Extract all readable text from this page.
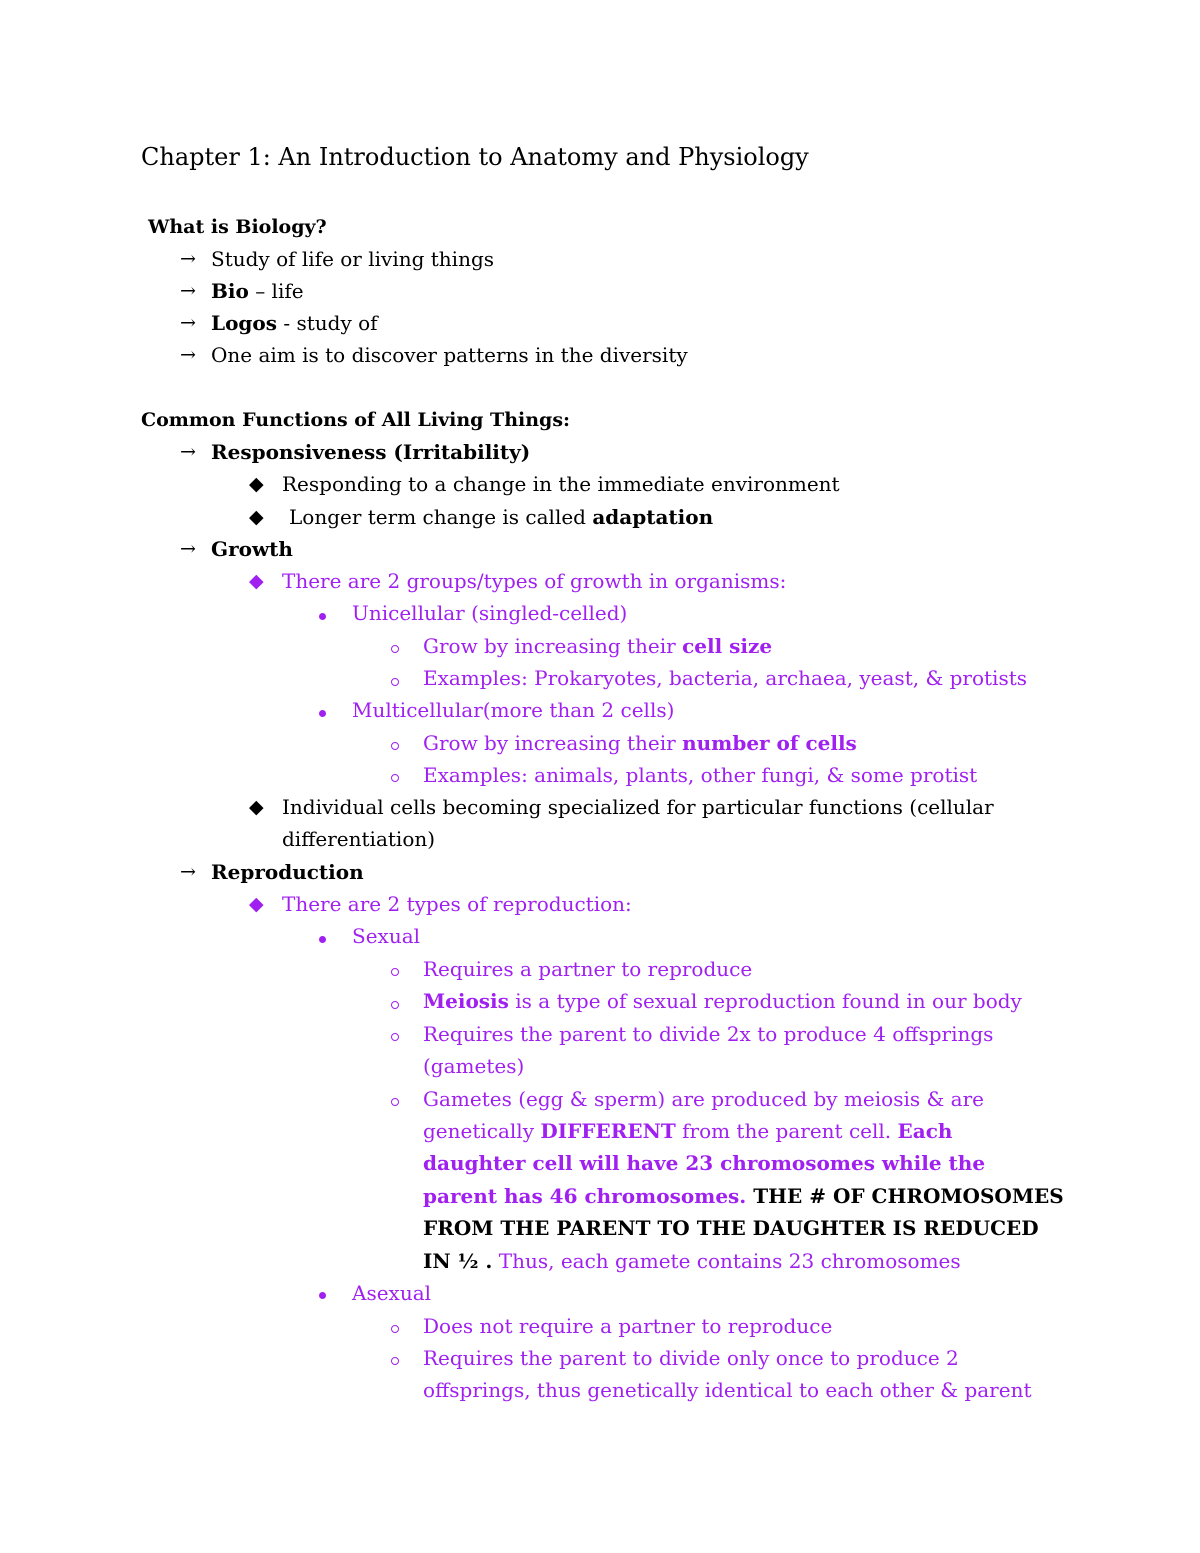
Chapter 1: An Introduction to Anatomy and Physiology
What is Biology?
→ Study of life or living things
→ Bio – life
→ Logos - study of
→ One aim is to discover patterns in the diversity
Common Functions of All Living Things:
→ Responsiveness (Irritability)
◆ Responding to a change in the immediate environment
◆ Longer term change is called adaptation
→ Growth
◆ There are 2 groups/types of growth in organisms:
Unicellular (singled-celled)
Grow by increasing their cell size
Examples: Prokaryotes, bacteria, archaea, yeast, & protists
Multicellular(more than 2 cells)
Grow by increasing their number of cells
Examples: animals, plants, other fungi, & some protist
◆ Individual cells becoming specialized for particular functions (cellular
differentiation)
→ Reproduction
◆ There are 2 types of reproduction:
Sexual
Requires a partner to reproduce
Meiosis is a type of sexual reproduction found in our body
Requires the parent to divide 2x to produce 4 offsprings
(gametes)
Gametes (egg & sperm) are produced by meiosis & are
genetically DIFFERENT from the parent cell. Each
daughter cell will have 23 chromosomes while the
parent has 46 chromosomes. THE # OF CHROMOSOMES
FROM THE PARENT TO THE DAUGHTER IS REDUCED
IN ½ . Thus, each gamete contains 23 chromosomes
Asexual
Does not require a partner to reproduce
Requires the parent to divide only once to produce 2
offsprings, thus genetically identical to each other & parent
